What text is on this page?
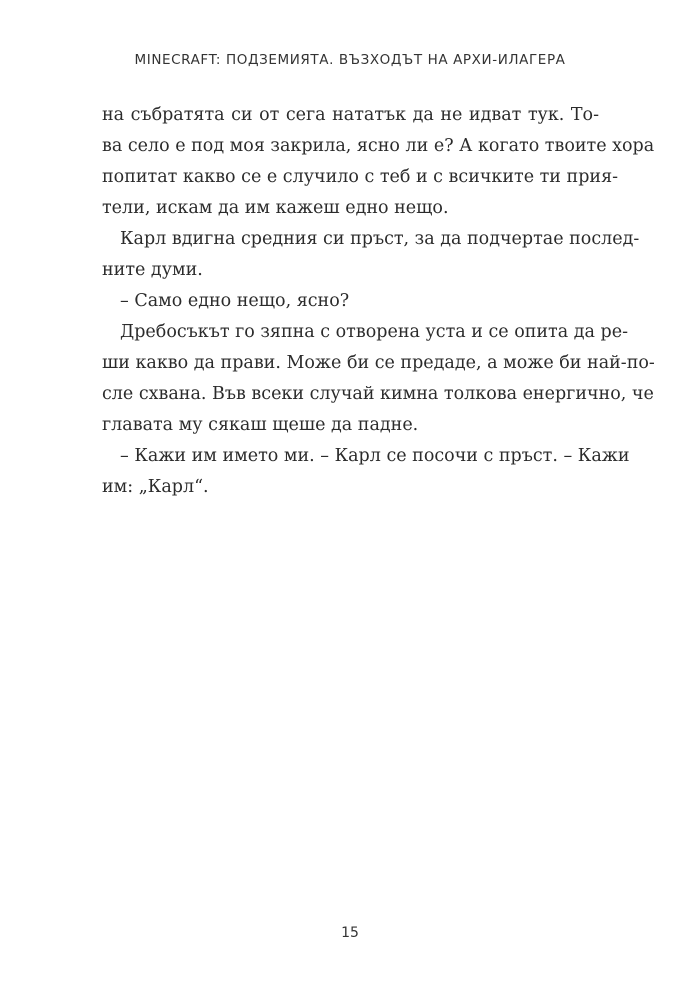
MINECRAFT: ПОДЗЕМИЯТА. ВЪЗХОДЪТ НА АРХИ-ИЛАГЕРА
на събратята си от сега нататък да не идват тук. То-
ва село е под моя закрила, ясно ли е? А когато твоите хора
попитат какво се е случило с теб и с всичките ти прия-
тели, искам да им кажеш едно нещо.
Карл вдигна средния си пръст, за да подчертае послед-
ните думи.
– Само едно нещо, ясно?
Дребосъкът го зяпна с отворена уста и се опита да ре-
ши какво да прави. Може би се предаде, а може би най-по-
сле схвана. Във всеки случай кимна толкова енергично, че
главата му сякаш щеше да падне.
– Кажи им името ми. – Карл се посочи с пръст. – Кажи
им: „Карл“.
15
